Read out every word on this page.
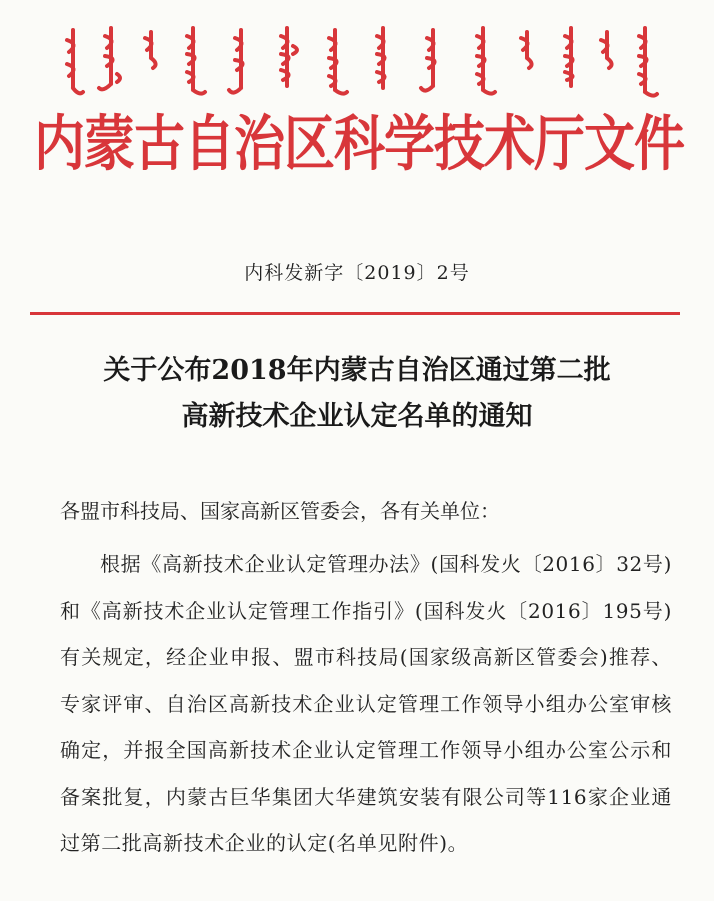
内蒙古自治区科学技术厅文件
内科发新字〔2019〕2号
关于公布2018年内蒙古自治区通过第二批
高新技术企业认定名单的通知
各盟市科技局、国家高新区管委会，各有关单位：
根据《高新技术企业认定管理办法》(国科发火〔2016〕32号)和《高新技术企业认定管理工作指引》(国科发火〔2016〕195号)有关规定，经企业申报、盟市科技局(国家级高新区管委会)推荐、专家评审、自治区高新技术企业认定管理工作领导小组办公室审核确定，并报全国高新技术企业认定管理工作领导小组办公室公示和备案批复，内蒙古巨华集团大华建筑安装有限公司等116家企业通过第二批高新技术企业的认定(名单见附件)。
